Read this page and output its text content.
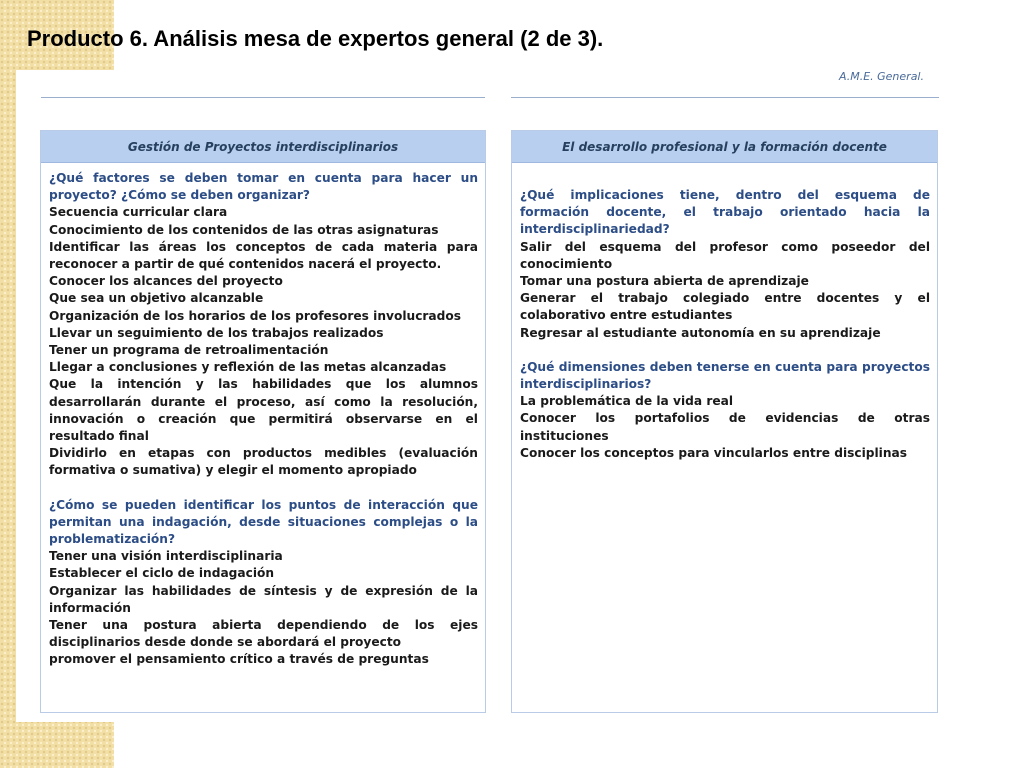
Producto 6. Análisis mesa de expertos general (2 de 3).
A.M.E. General.
Gestión de Proyectos interdisciplinarios
¿Qué factores se deben tomar en cuenta para hacer un proyecto? ¿Cómo se deben organizar?
Secuencia curricular clara
Conocimiento de los contenidos de las otras asignaturas
Identificar las áreas los conceptos de cada materia para reconocer a partir de qué contenidos nacerá el proyecto.
Conocer los alcances del proyecto
Que sea un objetivo alcanzable
Organización de los horarios de los profesores involucrados
Llevar un seguimiento de los trabajos realizados
Tener un programa de retroalimentación
Llegar a conclusiones y reflexión de las metas alcanzadas
Que la intención y las habilidades que los alumnos desarrollarán durante el proceso, así como la resolución, innovación o creación que permitirá observarse en el resultado final
Dividirlo en etapas con productos medibles (evaluación formativa o sumativa) y elegir el momento apropiado
¿Cómo se pueden identificar los puntos de interacción que permitan una indagación, desde situaciones complejas o la problematización?
Tener una visión interdisciplinaria
Establecer el ciclo de indagación
Organizar las habilidades de síntesis y de expresión de la información
Tener una postura abierta dependiendo de los ejes disciplinarios desde donde se abordará el proyecto
promover el pensamiento crítico a través de preguntas
El desarrollo profesional y la formación docente
¿Qué implicaciones tiene, dentro del esquema de formación docente, el trabajo orientado hacia la interdisciplinariedad?
Salir del esquema del profesor como poseedor del conocimiento
Tomar una postura abierta de aprendizaje
Generar el trabajo colegiado entre docentes y el colaborativo entre estudiantes
Regresar al estudiante autonomía en su aprendizaje
¿Qué dimensiones deben tenerse en cuenta para proyectos interdisciplinarios?
La problemática de la vida real
Conocer los portafolios de evidencias de otras instituciones
Conocer los conceptos para vincularlos entre disciplinas
